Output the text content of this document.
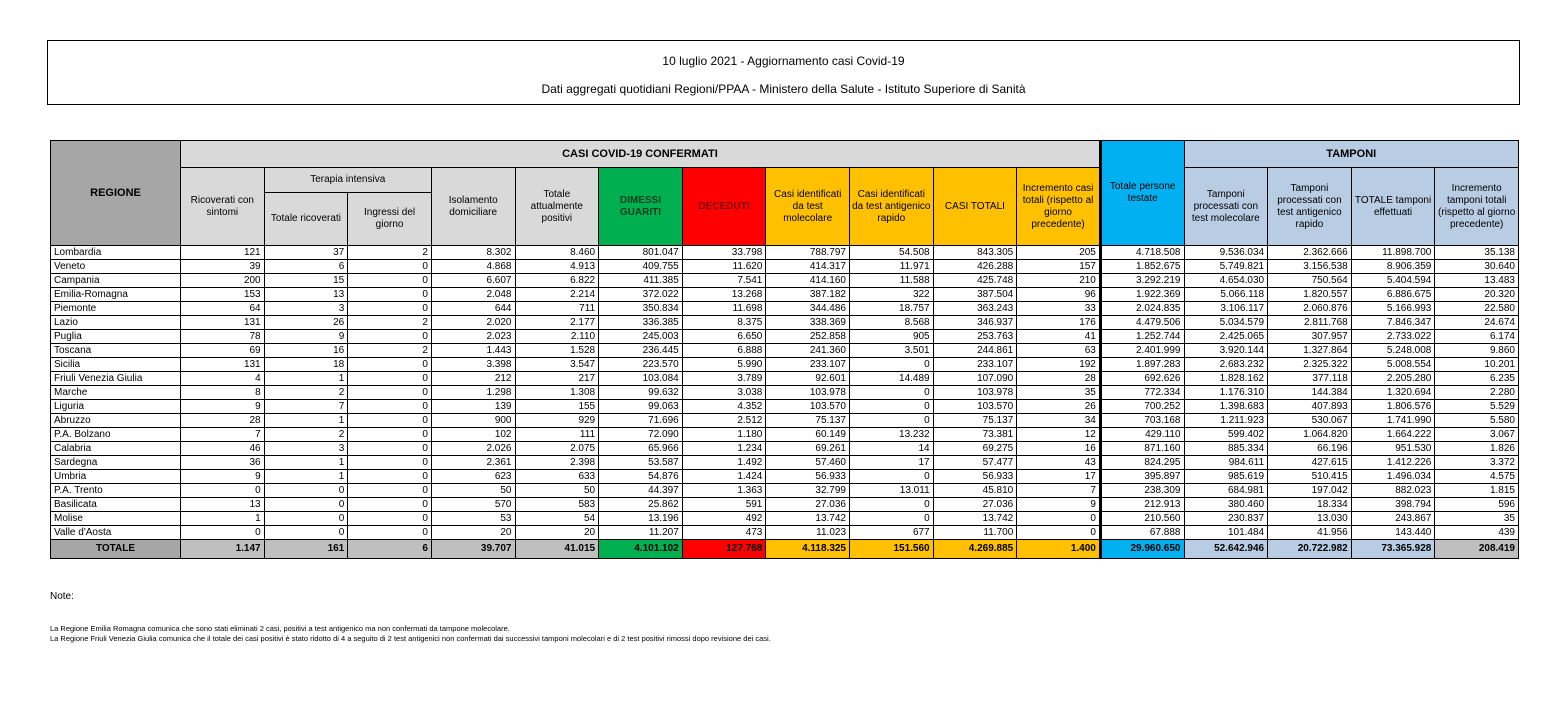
10 luglio 2021 - Aggiornamento casi Covid-19
Dati aggregati quotidiani Regioni/PPAA - Ministero della Salute - Istituto Superiore di Sanità
REGIONE	CASI COVID-19 CONFERMATI											Totale persone testate	TAMPONI			
	Ricoverati con sintomi	Terapia intensiva		Isolamento domiciliare	Totale attualmente positivi	DIMESSI GUARITI	DECEDUTI	Casi identificati da test molecolare	Casi identificati da test antigenico rapido	CASI TOTALI	Incremento casi totali (rispetto al giorno precedente)		Tamponi processati con test molecolare	Tamponi processati con test antigenico rapido	TOTALE tamponi effettuati	Incremento tamponi totali (rispetto al giorno precedente)
		Totale ricoverati	Ingressi del giorno													
Lombardia	121	37	2	8.302	8.460	801.047	33.798	788.797	54.508	843.305	205	4.718.508	9.536.034	2.362.666	11.898.700	35.138
Veneto	39	6	0	4.868	4.913	409.755	11.620	414.317	11.971	426.288	157	1.852.675	5.749.821	3.156.538	8.906.359	30.640
Campania	200	15	0	6.607	6.822	411.385	7.541	414.160	11.588	425.748	210	3.292.219	4.654.030	750.564	5.404.594	13.483
Emilia-Romagna	153	13	0	2.048	2.214	372.022	13.268	387.182	322	387.504	96	1.922.369	5.066.118	1.820.557	6.886.675	20.320
Piemonte	64	3	0	644	711	350.834	11.698	344.486	18.757	363.243	33	2.024.835	3.106.117	2.060.876	5.166.993	22.580
Lazio	131	26	2	2.020	2.177	336.385	8.375	338.369	8.568	346.937	176	4.479.506	5.034.579	2.811.768	7.846.347	24.674
Puglia	78	9	0	2.023	2.110	245.003	6.650	252.858	905	253.763	41	1.252.744	2.425.065	307.957	2.733.022	6.174
Toscana	69	16	2	1.443	1.528	236.445	6.888	241.360	3.501	244.861	63	2.401.999	3.920.144	1.327.864	5.248.008	9.860
Sicilia	131	18	0	3.398	3.547	223.570	5.990	233.107	0	233.107	192	1.897.283	2.683.232	2.325.322	5.008.554	10.201
Friuli Venezia Giulia	4	1	0	212	217	103.084	3.789	92.601	14.489	107.090	28	692.626	1.828.162	377.118	2.205.280	6.235
Marche	8	2	0	1.298	1.308	99.632	3.038	103.978	0	103.978	35	772.334	1.176.310	144.384	1.320.694	2.280
Liguria	9	7	0	139	155	99.063	4.352	103.570	0	103.570	26	700.252	1.398.683	407.893	1.806.576	5.529
Abruzzo	28	1	0	900	929	71.696	2.512	75.137	0	75.137	34	703.168	1.211.923	530.067	1.741.990	5.580
P.A. Bolzano	7	2	0	102	111	72.090	1.180	60.149	13.232	73.381	12	429.110	599.402	1.064.820	1.664.222	3.067
Calabria	46	3	0	2.026	2.075	65.966	1.234	69.261	14	69.275	16	871.160	885.334	66.196	951.530	1.826
Sardegna	36	1	0	2.361	2.398	53.587	1.492	57.460	17	57.477	43	824.295	984.611	427.615	1.412.226	3.372
Umbria	9	1	0	623	633	54.876	1.424	56.933	0	56.933	17	395.897	985.619	510.415	1.496.034	4.575
P.A. Trento	0	0	0	50	50	44.397	1.363	32.799	13.011	45.810	7	238.309	684.981	197.042	882.023	1.815
Basilicata	13	0	0	570	583	25.862	591	27.036	0	27.036	9	212.913	380.460	18.334	398.794	596
Molise	1	0	0	53	54	13.196	492	13.742	0	13.742	0	210.560	230.837	13.030	243.867	35
Valle d'Aosta	0	0	0	20	20	11.207	473	11.023	677	11.700	0	67.888	101.484	41.956	143.440	439
TOTALE	1.147	161	6	39.707	41.015	4.101.102	127.768	4.118.325	151.560	4.269.885	1.400	29.960.650	52.642.946	20.722.982	73.365.928	208.419
Note:
La Regione Emilia Romagna comunica che sono stati eliminati 2 casi, positivi a test antigenico ma non confermati da tampone molecolare.
La Regione Friuli Venezia Giulia comunica che il totale dei casi positivi è stato ridotto di 4 a seguito di 2 test antigenici non confermati dai successivi tamponi molecolari e di 2 test positivi rimossi dopo revisione dei casi.
